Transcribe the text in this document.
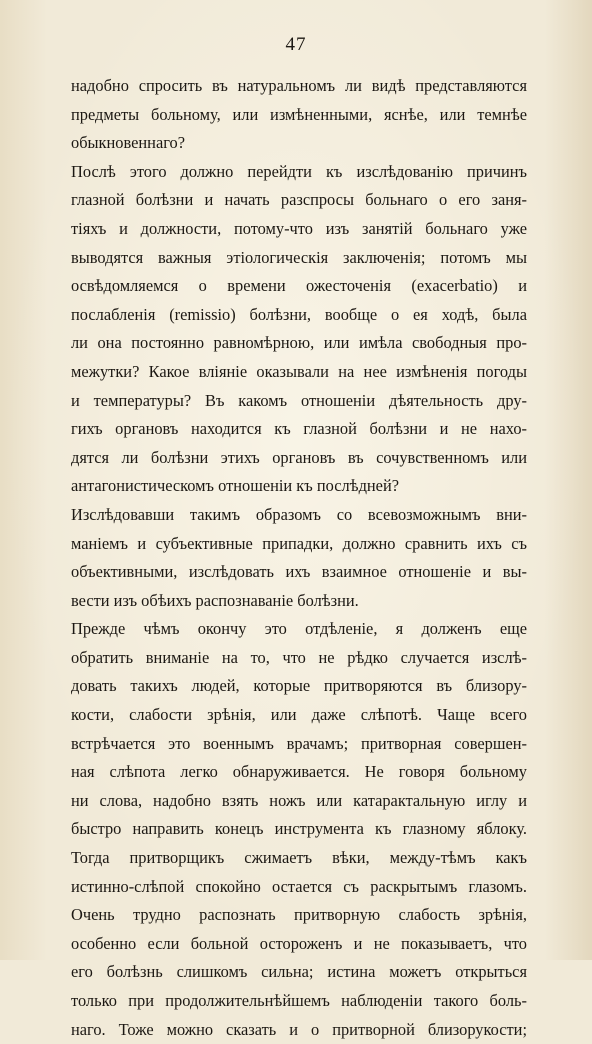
47
надобно спросить въ натуральномъ ли видѣ представляются
предметы больному, или измѣненными, яснѣе, или темнѣе
обыкновеннаго?
Послѣ этого должно перейдти къ изслѣдованію причинъ
глазной болѣзни и начать разспросы больнаго о его заня-
тіяхъ и должности, потому-что изъ занятій больнаго уже
выводятся важныя этіологическія заключенія; потомъ мы
освѣдомляемся о времени ожесточенія (exacerbatio) и
послабленія (remissio) болѣзни, вообще о ея ходѣ, была
ли она постоянно равномѣрною, или имѣла свободныя про-
межутки? Какое вліяніе оказывали на нее измѣненія погоды
и температуры? Въ какомъ отношеніи дѣятельность дру-
гихъ органовъ находится къ глазной болѣзни и не нахо-
дятся ли болѣзни этихъ органовъ въ сочувственномъ или
антагонистическомъ отношеніи къ послѣдней?
Изслѣдовавши такимъ образомъ со всевозможнымъ вни-
маніемъ и субъективные припадки, должно сравнить ихъ съ
объективными, изслѣдовать ихъ взаимное отношеніе и вы-
вести изъ обѣихъ распознаваніе болѣзни.
Прежде чѣмъ окончу это отдѣленіе, я долженъ еще
обратить вниманіе на то, что не рѣдко случается изслѣ-
довать такихъ людей, которые притворяются въ близору-
кости, слабости зрѣнія, или даже слѣпотѣ. Чаще всего
встрѣчается это военнымъ врачамъ; притворная совершен-
ная слѣпота легко обнаруживается. Не говоря больному
ни слова, надобно взять ножъ или катарактальную иглу и
быстро направить конецъ инструмента къ глазному яблоку.
Тогда притворщикъ сжимаетъ вѣки, между-тѣмъ какъ
истинно-слѣпой спокойно остается съ раскрытымъ глазомъ.
Очень трудно распознать притворную слабость зрѣнія,
особенно если больной остороженъ и не показываетъ, что
его болѣзнь слишкомъ сильна; истина можетъ открыться
только при продолжительнѣйшемъ наблюденіи такого боль-
наго. Тоже можно сказать и о притворной близорукости;
